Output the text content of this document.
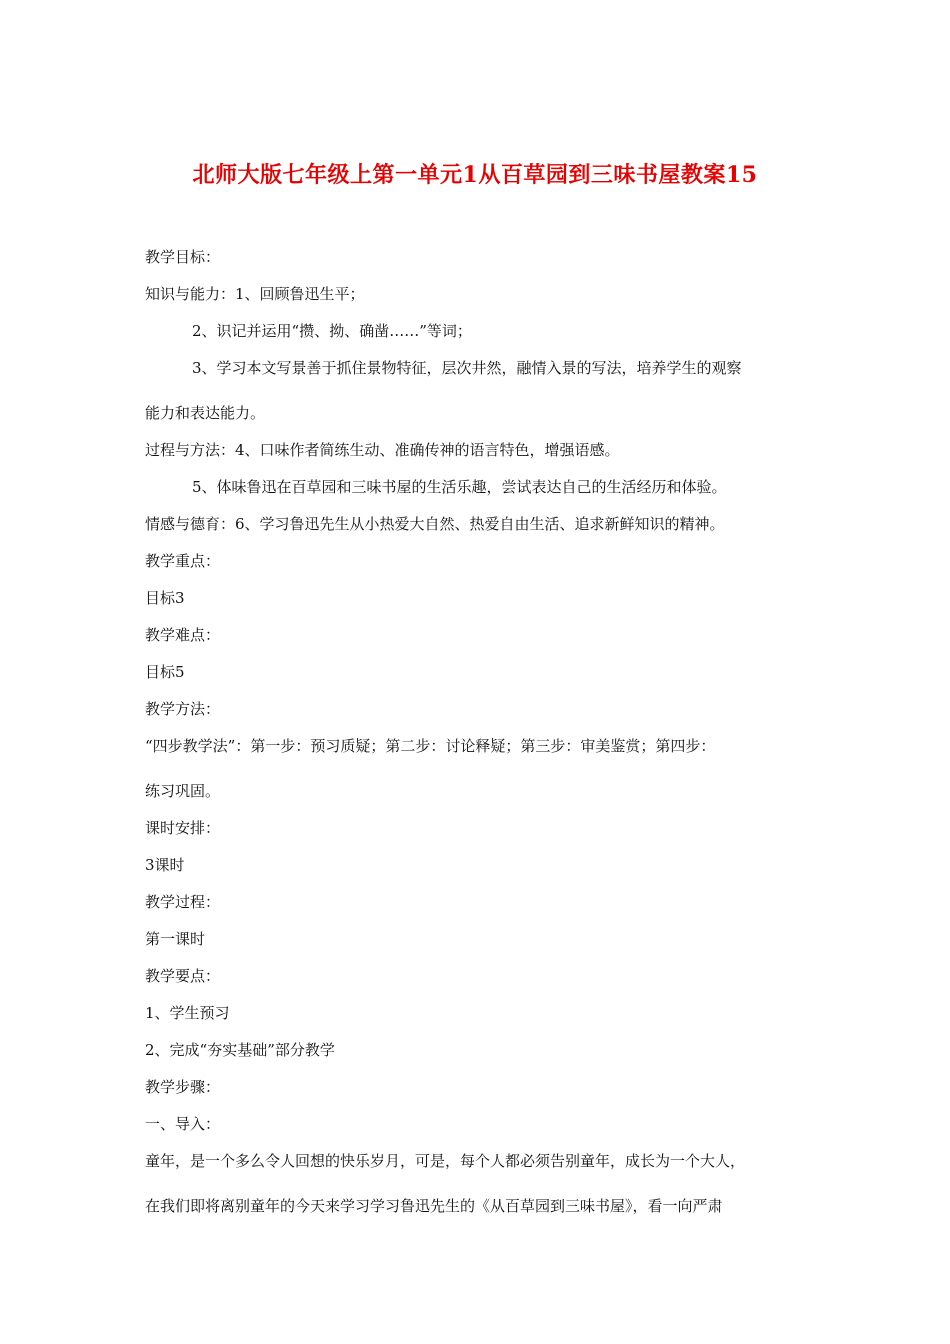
北师大版七年级上第一单元1从百草园到三味书屋教案15
教学目标：
知识与能力：1、回顾鲁迅生平；
2、识记并运用“攒、拗、确凿……”等词；
3、学习本文写景善于抓住景物特征，层次井然，融情入景的写法，培养学生的观察
能力和表达能力。
过程与方法：4、口味作者简练生动、准确传神的语言特色，增强语感。
5、体味鲁迅在百草园和三味书屋的生活乐趣，尝试表达自己的生活经历和体验。
情感与德育：6、学习鲁迅先生从小热爱大自然、热爱自由生活、追求新鲜知识的精神。
教学重点：
目标3
教学难点：
目标5
教学方法：
“四步教学法”：第一步：预习质疑；第二步：讨论释疑；第三步：审美鉴赏；第四步：
练习巩固。
课时安排：
3课时
教学过程：
第一课时
教学要点：
1、学生预习
2、完成“夯实基础”部分教学
教学步骤：
一、导入：
童年，是一个多么令人回想的快乐岁月，可是，每个人都必须告别童年，成长为一个大人，
在我们即将离别童年的今天来学习学习鲁迅先生的《从百草园到三味书屋》，看一向严肃
